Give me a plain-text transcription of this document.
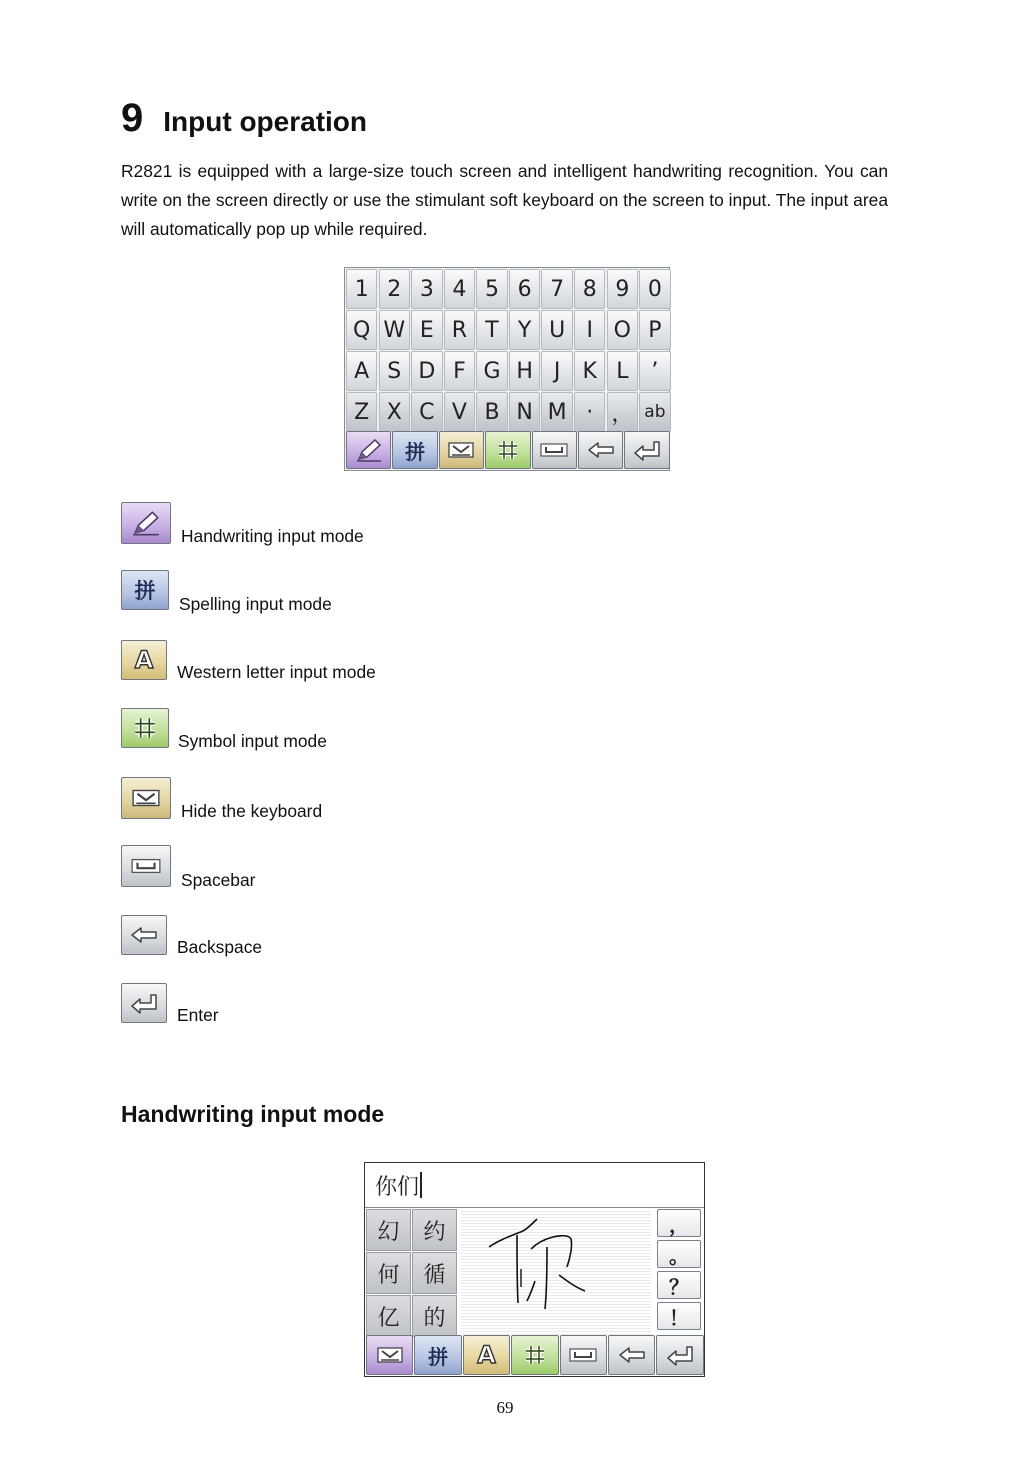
9 Input operation
R2821 is equipped with a large-size touch screen and intelligent handwriting recognition. You can write on the screen directly or use the stimulant soft keyboard on the screen to input. The input area will automatically pop up while required.
1 2 3 4 5 6 7 8 9 0
Q W E R T Y U I O P
A S D F G H J	K L	’
Z X C V B N M · ， ab
拼
Handwriting input mode
拼
Spelling input mode
A Western letter input mode
Symbol input mode
Hide the keyboard
Spacebar
Backspace
Enter
Handwriting input mode
你们
幻	约
何	循
亿	的
，
。
？
！
拼 A
69
